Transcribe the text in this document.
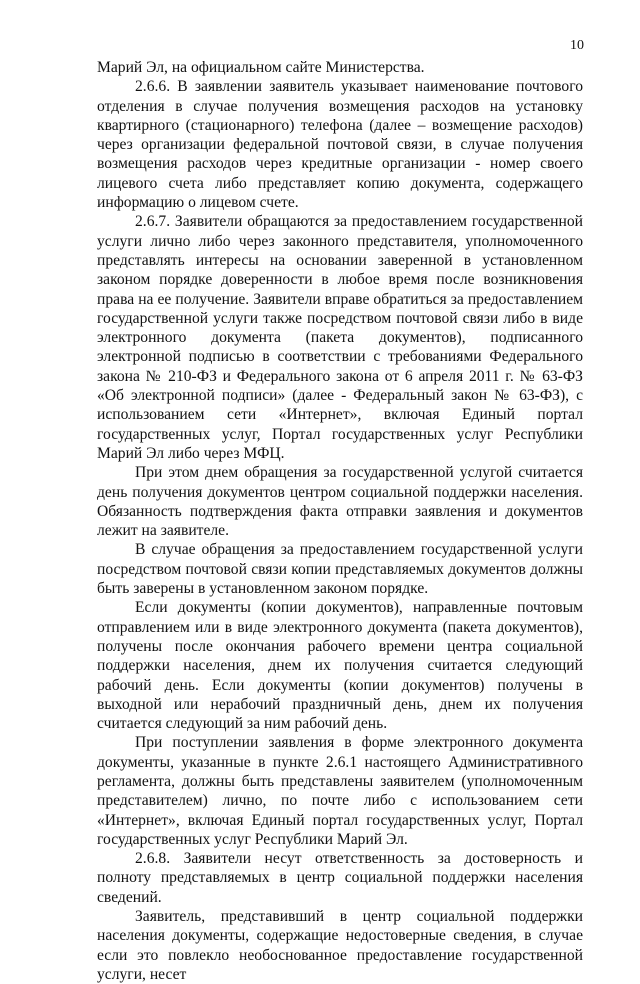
10

Марий Эл, на официальном сайте Министерства.

2.6.6. В заявлении заявитель указывает наименование почтового отделения в случае получения возмещения расходов на установку квартирного (стационарного) телефона (далее – возмещение расходов) через организации федеральной почтовой связи, в случае получения возмещения расходов через кредитные организации - номер своего лицевого счета либо представляет копию документа, содержащего информацию о лицевом счете.

2.6.7. Заявители обращаются за предоставлением государственной услуги лично либо через законного представителя, уполномоченного представлять интересы на основании заверенной в установленном законом порядке доверенности в любое время после возникновения права на ее получение. Заявители вправе обратиться за предоставлением государственной услуги также посредством почтовой связи либо в виде электронного документа (пакета документов), подписанного электронной подписью в соответствии с требованиями Федерального закона № 210-ФЗ и Федерального закона от 6 апреля 2011 г. № 63-ФЗ «Об электронной подписи» (далее - Федеральный закон № 63-ФЗ), с использованием сети «Интернет», включая Единый портал государственных услуг, Портал государственных услуг Республики Марий Эл либо через МФЦ.

При этом днем обращения за государственной услугой считается день получения документов центром социальной поддержки населения. Обязанность подтверждения факта отправки заявления и документов лежит на заявителе.

В случае обращения за предоставлением государственной услуги посредством почтовой связи копии представляемых документов должны быть заверены в установленном законом порядке.

Если документы (копии документов), направленные почтовым отправлением или в виде электронного документа (пакета документов), получены после окончания рабочего времени центра социальной поддержки населения, днем их получения считается следующий рабочий день. Если документы (копии документов) получены в выходной или нерабочий праздничный день, днем их получения считается следующий за ним рабочий день.

При поступлении заявления в форме электронного документа документы, указанные в пункте 2.6.1 настоящего Административного регламента, должны быть представлены заявителем (уполномоченным представителем) лично, по почте либо с использованием сети «Интернет», включая Единый портал государственных услуг, Портал государственных услуг Республики Марий Эл.

2.6.8. Заявители несут ответственность за достоверность и полноту представляемых в центр социальной поддержки населения сведений.

Заявитель, представивший в центр социальной поддержки населения документы, содержащие недостоверные сведения, в случае если это повлекло необоснованное предоставление государственной услуги, несет
